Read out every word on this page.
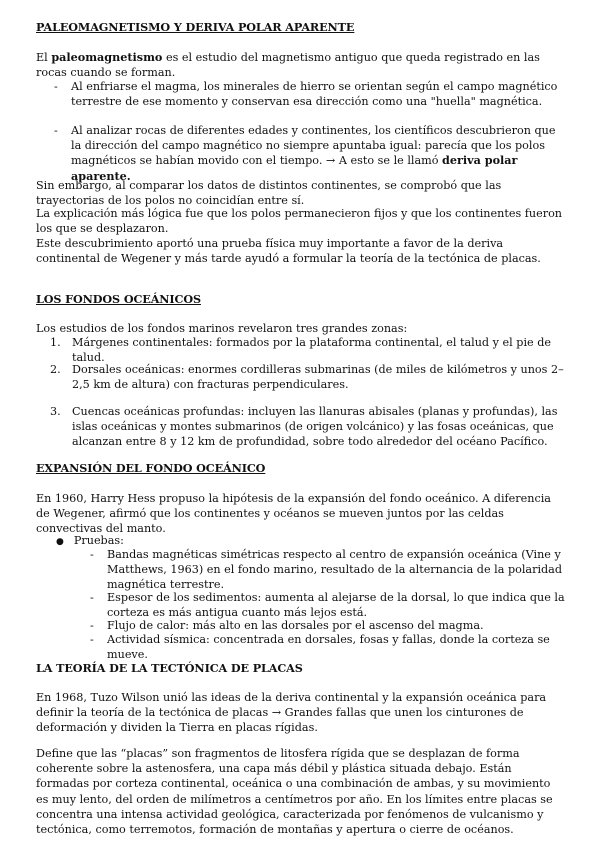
PALEOMAGNETISMO Y DERIVA POLAR APARENTE

El paleomagnetismo es el estudio del magnetismo antiguo que queda registrado en las rocas cuando se forman.

- Al enfriarse el magma, los minerales de hierro se orientan según el campo magnético terrestre de ese momento y conservan esa dirección como una "huella" magnética.
- Al analizar rocas de diferentes edades y continentes, los científicos descubrieron que la dirección del campo magnético no siempre apuntaba igual: parecía que los polos magnéticos se habían movido con el tiempo. → A esto se le llamó deriva polar aparente.

Sin embargo, al comparar los datos de distintos continentes, se comprobó que las trayectorias de los polos no coincidían entre sí.

La explicación más lógica fue que los polos permanecieron fijos y que los continentes fueron los que se desplazaron.

Este descubrimiento aportó una prueba física muy importante a favor de la deriva continental de Wegener y más tarde ayudó a formular la teoría de la tectónica de placas.

LOS FONDOS OCEÁNICOS

Los estudios de los fondos marinos revelaron tres grandes zonas:

1. Márgenes continentales: formados por la plataforma continental, el talud y el pie de talud.
2. Dorsales oceánicas: enormes cordilleras submarinas (de miles de kilómetros y unos 2–2,5 km de altura) con fracturas perpendiculares.
3. Cuencas oceánicas profundas: incluyen las llanuras abisales (planas y profundas), las islas oceánicas y montes submarinos (de origen volcánico) y las fosas oceánicas, que alcanzan entre 8 y 12 km de profundidad, sobre todo alrededor del océano Pacífico.
EXPANSIÓN DEL FONDO OCEÁNICO

En 1960, Harry Hess propuso la hipótesis de la expansión del fondo oceánico. A diferencia de Wegener, afirmó que los continentes y océanos se mueven juntos por las celdas convectivas del manto.

● Pruebas:
- Bandas magnéticas simétricas respecto al centro de expansión oceánica (Vine y Matthews, 1963) en el fondo marino, resultado de la alternancia de la polaridad magnética terrestre.
- Espesor de los sedimentos: aumenta al alejarse de la dorsal, lo que indica que la corteza es más antigua cuanto más lejos está.
- Flujo de calor: más alto en las dorsales por el ascenso del magma.
- Actividad sísmica: concentrada en dorsales, fosas y fallas, donde la corteza se mueve.
LA TEORÍA DE LA TECTÓNICA DE PLACAS

En 1968, Tuzo Wilson unió las ideas de la deriva continental y la expansión oceánica para definir la teoría de la tectónica de placas → Grandes fallas que unen los cinturones de deformación y dividen la Tierra en placas rígidas.

Define que las “placas” son fragmentos de litosfera rígida que se desplazan de forma coherente sobre la astenosfera, una capa más débil y plástica situada debajo. Están formadas por corteza continental, oceánica o una combinación de ambas, y su movimiento es muy lento, del orden de milímetros a centímetros por año. En los límites entre placas se concentra una intensa actividad geológica, caracterizada por fenómenos de vulcanismo y tectónica, como terremotos, formación de montañas y apertura o cierre de océanos.
